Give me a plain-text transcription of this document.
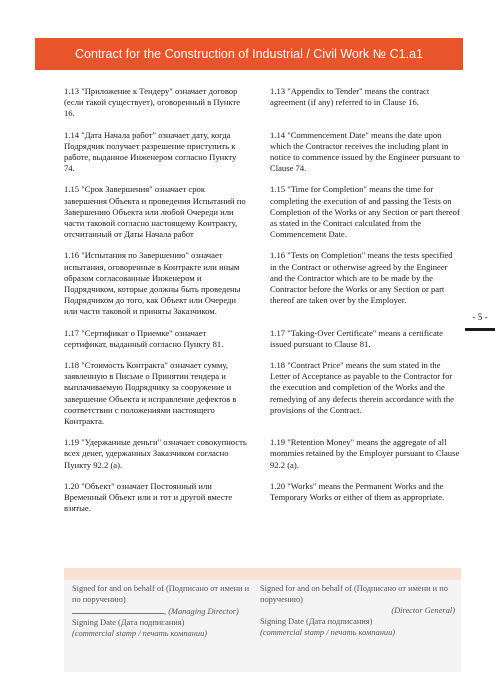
Contract for the Construction of Industrial / Civil Work № C1.a1
1.13 "Приложение к Тендеру" означает договор (если такой существует), оговоренный в Пункте 16.
1.13 "Appendix to Tender" means the contract agreement (if any) referred to in Clause 16.
1.14 "Дата Начала работ" означает дату, когда Подрядчик получает разрешение приступить к работе, выданное Инженером согласно Пункту 74.
1.14 "Commencement Date" means the date upon which the Contractor receives the including plant in notice to commence issued by the Engineer pursuant to Clause 74.
1.15 "Срок Завершения" означает срок завершения Объекта и проведения Испытаний по Завершению Объекта или любой Очереди или части таковой согласно настоящему Контракту, отсчитанный от Даты Начала работ
1.15 "Time for Completion" means the time for completing the execution of and passing the Tests on Completion of the Works or any Section or part thereof as stated in the Contract calculated from the Commencement Date.
1.16 "Испытания по Завершению" означает испытания, оговоренные в Контракте или иным образом согласованные Инженером и Подрядчиком, которые должны быть проведены Подрядчиком до того, как Объект или Очереди или части таковой и приняты Заказчиком.
1.16 "Tests on Completion" means the tests specified in the Contract or otherwise agreed by the Engineer and the Contractor which are to be made by the Contractor before the Works or any Section or part thereof are taken over by the Employer.
1.17 "Сертификат о Приемке" означает сертификат, выданный согласно Пункту 81.
1.17 "Taking-Over Certificate" means a certificate issued pursuant to Clause 81.
1.18 "Стоимость Контракта" означает сумму, заявленную в Письме о Принятии тендера и выплачиваемую Подрядчику за сооружение и завершение Объекта и исправление дефектов в соответствии с положениями настоящего Контракта.
1.18 "Contract Price" means the sum stated in the Letter of Acceptance as payable to the Contractor for the execution and completion of the Works and the remedying of any defects therein accordance with the provisions of the Contract.
1.19 "Удержанные деньги" означает совокупность всех денег, удержанных Заказчиком согласно Пункту 92.2 (а).
1.19 "Retention Money" means the aggregate of all mommies retained by the Employer pursuant to Clause 92.2 (a).
1.20 "Объект" означает Постоянный или Временный Объект или и тот и другой вместе взятые.
1.20 "Works" means the Permanent Works and the Temporary Works or either of them as appropriate.
- 5 -
Signed for and on behalf of (Подписано от имени и по поручению)
, (Managing Director)
Signing Date (Дата подписания)
(commercial stamp / печать компании)
Signed for and on behalf of (Подписано от имени и по поручению)
(Director General)
Signing Date (Дата подписания)
(commercial stamp / печать компании)
